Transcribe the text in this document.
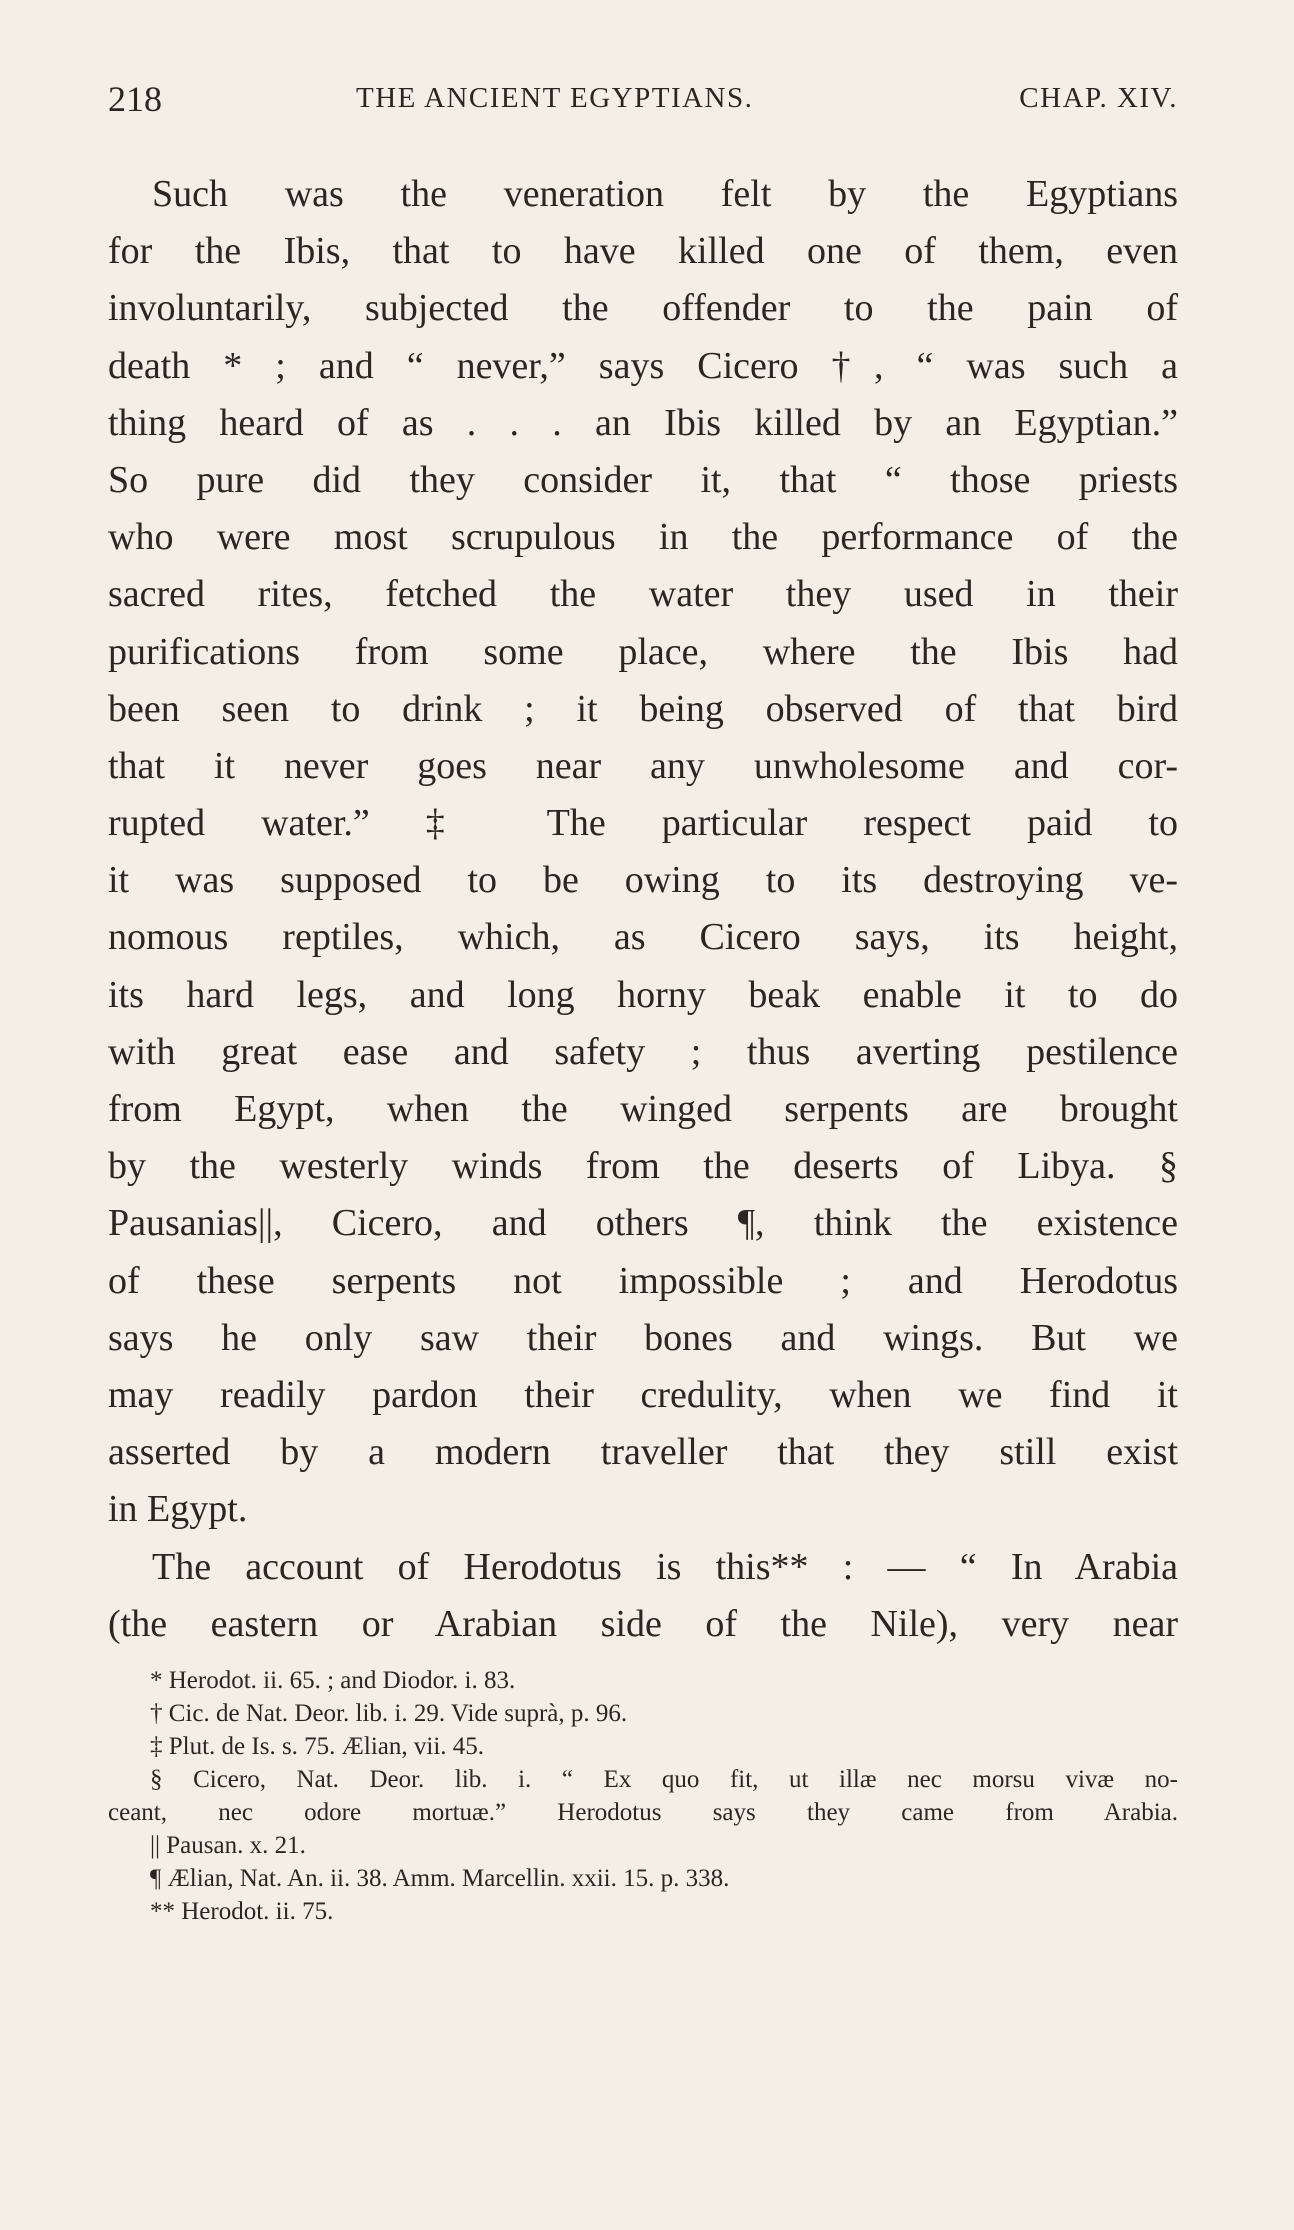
218	THE ANCIENT EGYPTIANS.	CHAP. XIV.
Such was the veneration felt by the Egyptians
for the Ibis, that to have killed one of them, even
involuntarily, subjected the offender to the pain of
death * ; and “ never,” says Cicero †, “ was such a
thing heard of as . . . an Ibis killed by an Egyptian.”
So pure did they consider it, that “ those priests
who were most scrupulous in the performance of the
sacred rites, fetched the water they used in their
purifications from some place, where the Ibis had
been seen to drink ; it being observed of that bird
that it never goes near any unwholesome and cor-
rupted water.” ‡ The particular respect paid to
it was supposed to be owing to its destroying ve-
nomous reptiles, which, as Cicero says, its height,
its hard legs, and long horny beak enable it to do
with great ease and safety ; thus averting pestilence
from Egypt, when the winged serpents are brought
by the westerly winds from the deserts of Libya. §
Pausanias||, Cicero, and others ¶, think the existence
of these serpents not impossible ; and Herodotus
says he only saw their bones and wings. But we
may readily pardon their credulity, when we find it
asserted by a modern traveller that they still exist
in Egypt.
The account of Herodotus is this** : — “ In Arabia
(the eastern or Arabian side of the Nile), very near
* Herodot. ii. 65. ; and Diodor. i. 83.
† Cic. de Nat. Deor. lib. i. 29. Vide suprà, p. 96.
‡ Plut. de Is. s. 75. Ælian, vii. 45.
§ Cicero, Nat. Deor. lib. i. “ Ex quo fit, ut illæ nec morsu vivæ no-
ceant, nec odore mortuæ.” Herodotus says they came from Arabia.
|| Pausan. x. 21.
¶ Ælian, Nat. An. ii. 38. Amm. Marcellin. xxii. 15. p. 338.
** Herodot. ii. 75.
